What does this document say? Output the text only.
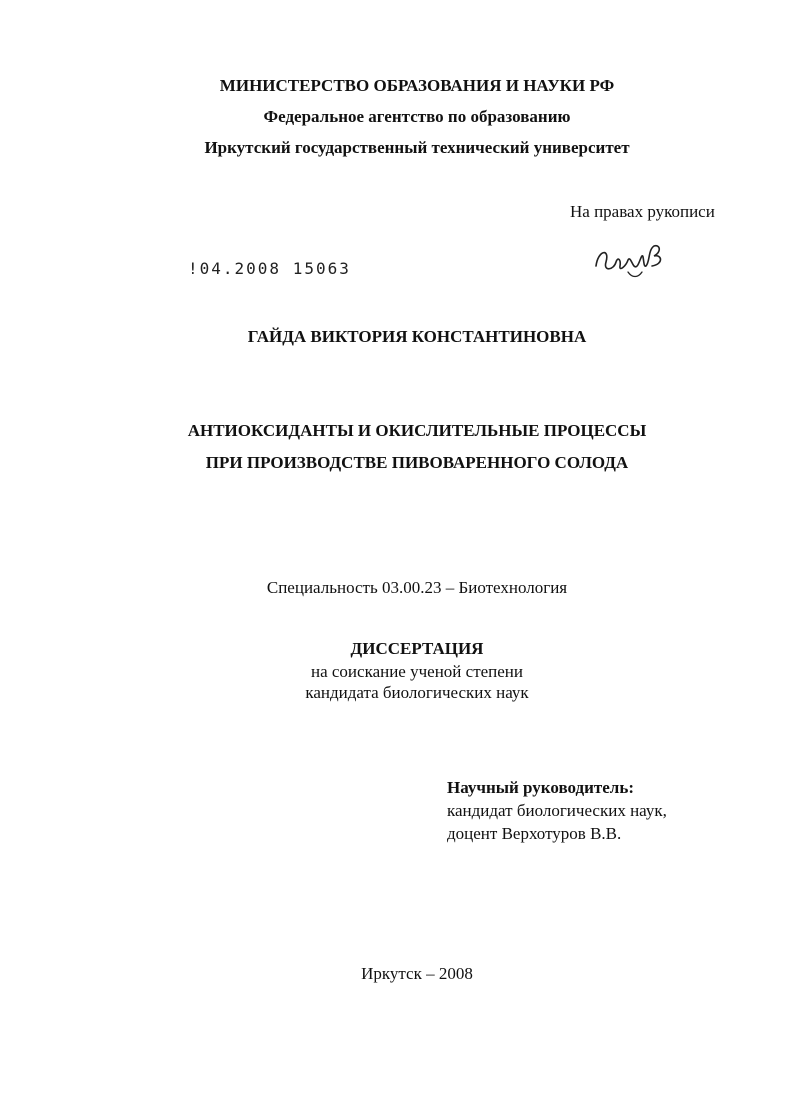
МИНИСТЕРСТВО ОБРАЗОВАНИЯ И НАУКИ РФ
Федеральное агентство по образованию
Иркутский государственный технический университет
На правах рукописи
!04.2008 15063
ГАЙДА ВИКТОРИЯ КОНСТАНТИНОВНА
АНТИОКСИДАНТЫ И ОКИСЛИТЕЛЬНЫЕ ПРОЦЕССЫ
ПРИ ПРОИЗВОДСТВЕ ПИВОВАРЕННОГО СОЛОДА
Специальность 03.00.23 – Биотехнология
ДИССЕРТАЦИЯ
на соискание ученой степени
кандидата биологических наук
Научный руководитель:
кандидат биологических наук,
доцент Верхотуров В.В.
Иркутск – 2008
